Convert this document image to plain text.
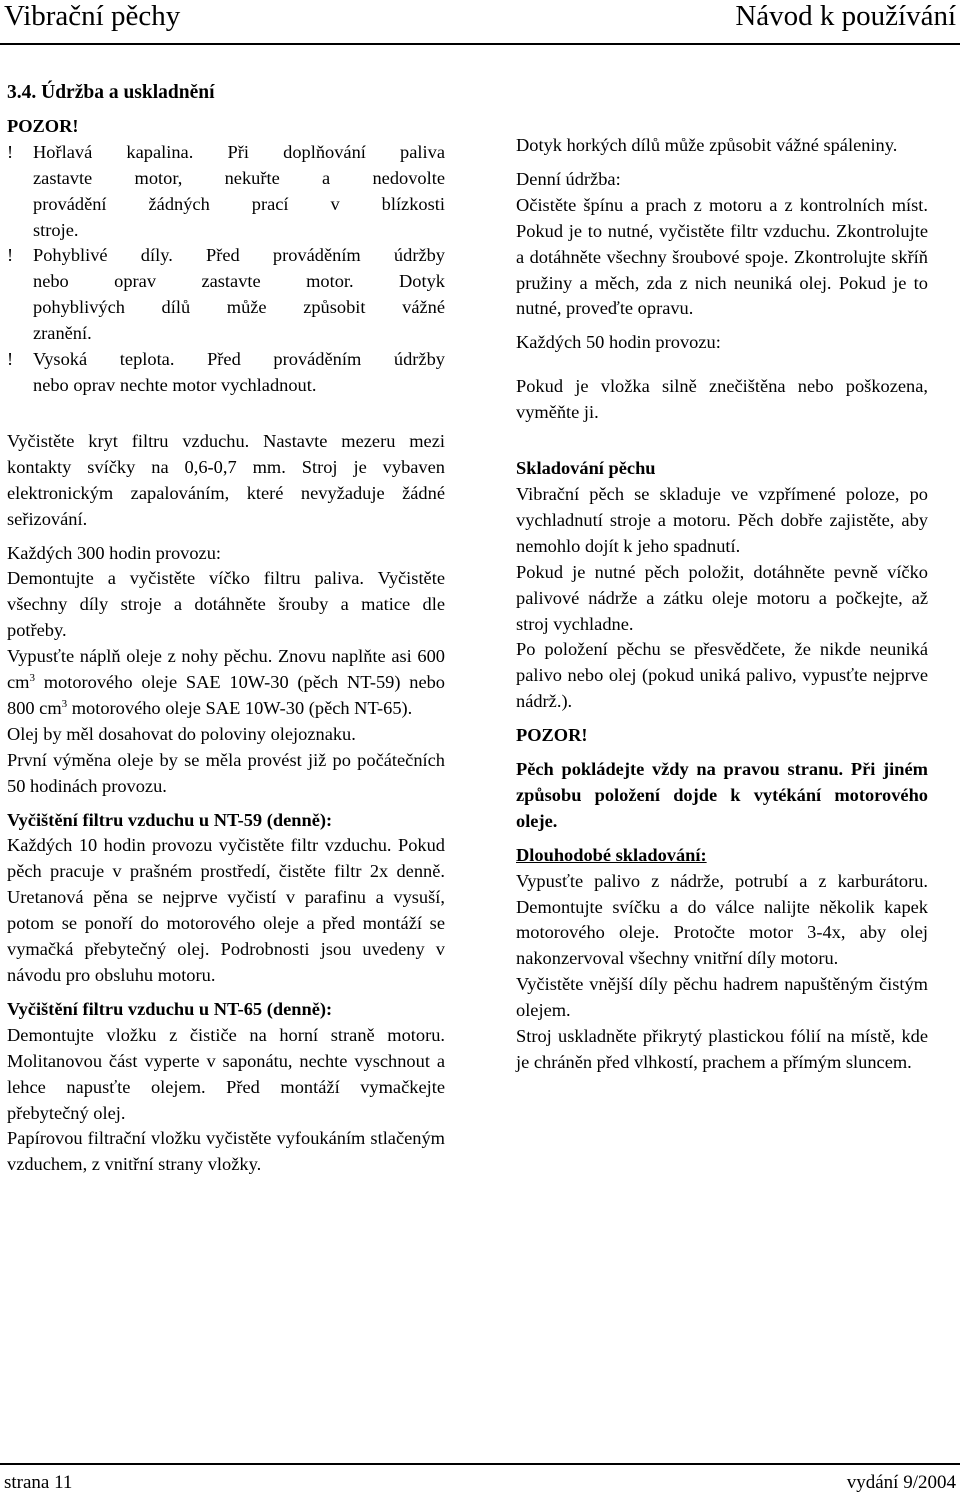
Vibrační pěchy	Návod k používání
3.4. Údržba a uskladnění
POZOR!
!	Hořlavá kapalina. Při doplňování paliva
zastavte motor, nekuřte a nedovolte
provádění žádných prací v blízkosti
stroje.
!	Pohyblivé díly. Před prováděním údržby
nebo oprav zastavte motor. Dotyk
pohyblivých dílů může způsobit vážné
zranění.
!	Vysoká teplota. Před prováděním údržby
nebo oprav nechte motor vychladnout.

Vyčistěte kryt filtru vzduchu. Nastavte mezeru mezi kontakty svíčky na 0,6-0,7 mm. Stroj je vybaven elektronickým zapalováním, které nevyžaduje žádné seřizování.

Každých 300 hodin provozu:

Demontujte a vyčistěte víčko filtru paliva. Vyčistěte všechny díly stroje a dotáhněte šrouby a matice dle potřeby.

Vypusťte náplň oleje z nohy pěchu. Znovu naplňte asi 600 $cm^3$ motorového oleje SAE 10W-30 (pěch NT-59) nebo 800 $cm^3$ motorového oleje SAE 10W-30 (pěch NT-65).

Olej by měl dosahovat do poloviny olejoznaku.

První výměna oleje by se měla provést již po počátečních 50 hodinách provozu.

Vyčištění filtru vzduchu u NT-59 (denně):

Každých 10 hodin provozu vyčistěte filtr vzduchu. Pokud pěch pracuje v prašném prostředí, čistěte filtr 2x denně. Uretanová pěna se nejprve vyčistí v parafinu a vysuší, potom se ponoří do motorového oleje a před montáží se vymačká přebytečný olej. Podrobnosti jsou uvedeny v návodu pro obsluhu motoru.

Vyčištění filtru vzduchu u NT-65 (denně):

Demontujte vložku z čističe na horní straně motoru. Molitanovou část vyperte v saponátu, nechte vyschnout a lehce napusťte olejem. Před montáží vymačkejte přebytečný olej.

Papírovou filtrační vložku vyčistěte vyfoukáním stlačeným vzduchem, z vnitřní strany vložky.

Dotyk horkých dílů může způsobit vážné spáleniny.

Denní údržba:

Očistěte špínu a prach z motoru a z kontrolních míst. Pokud je to nutné, vyčistěte filtr vzduchu. Zkontrolujte a dotáhněte všechny šroubové spoje. Zkontrolujte skříň pružiny a měch, zda z nich neuniká olej. Pokud je to nutné, proveďte opravu.

Každých 50 hodin provozu:

Pokud je vložka silně znečištěna nebo poškozena, vyměňte ji.

Skladování pěchu

Vibrační pěch se skladuje ve vzpřímené poloze, po vychladnutí stroje a motoru. Pěch dobře zajistěte, aby nemohlo dojít k jeho spadnutí.

Pokud je nutné pěch položit, dotáhněte pevně víčko palivové nádrže a zátku oleje motoru a počkejte, až stroj vychladne.

Po položení pěchu se přesvědčete, že nikde neuniká palivo nebo olej (pokud uniká palivo, vypusťte nejprve nádrž.).

POZOR!

Pěch pokládejte vždy na pravou stranu. Při jiném způsobu položení dojde k vytékání motorového oleje.

Dlouhodobé skladování:

Vypusťte palivo z nádrže, potrubí a z karburátoru. Demontujte svíčku a do válce nalijte několik kapek motorového oleje. Protočte motor 3-4x, aby olej nakonzervoval všechny vnitřní díly motoru.

Vyčistěte vnější díly pěchu hadrem napuštěným čistým olejem.

Stroj uskladněte přikrytý plastickou fólií na místě, kde je chráněn před vlhkostí, prachem a přímým sluncem.

strana 11	vydání 9/2004
